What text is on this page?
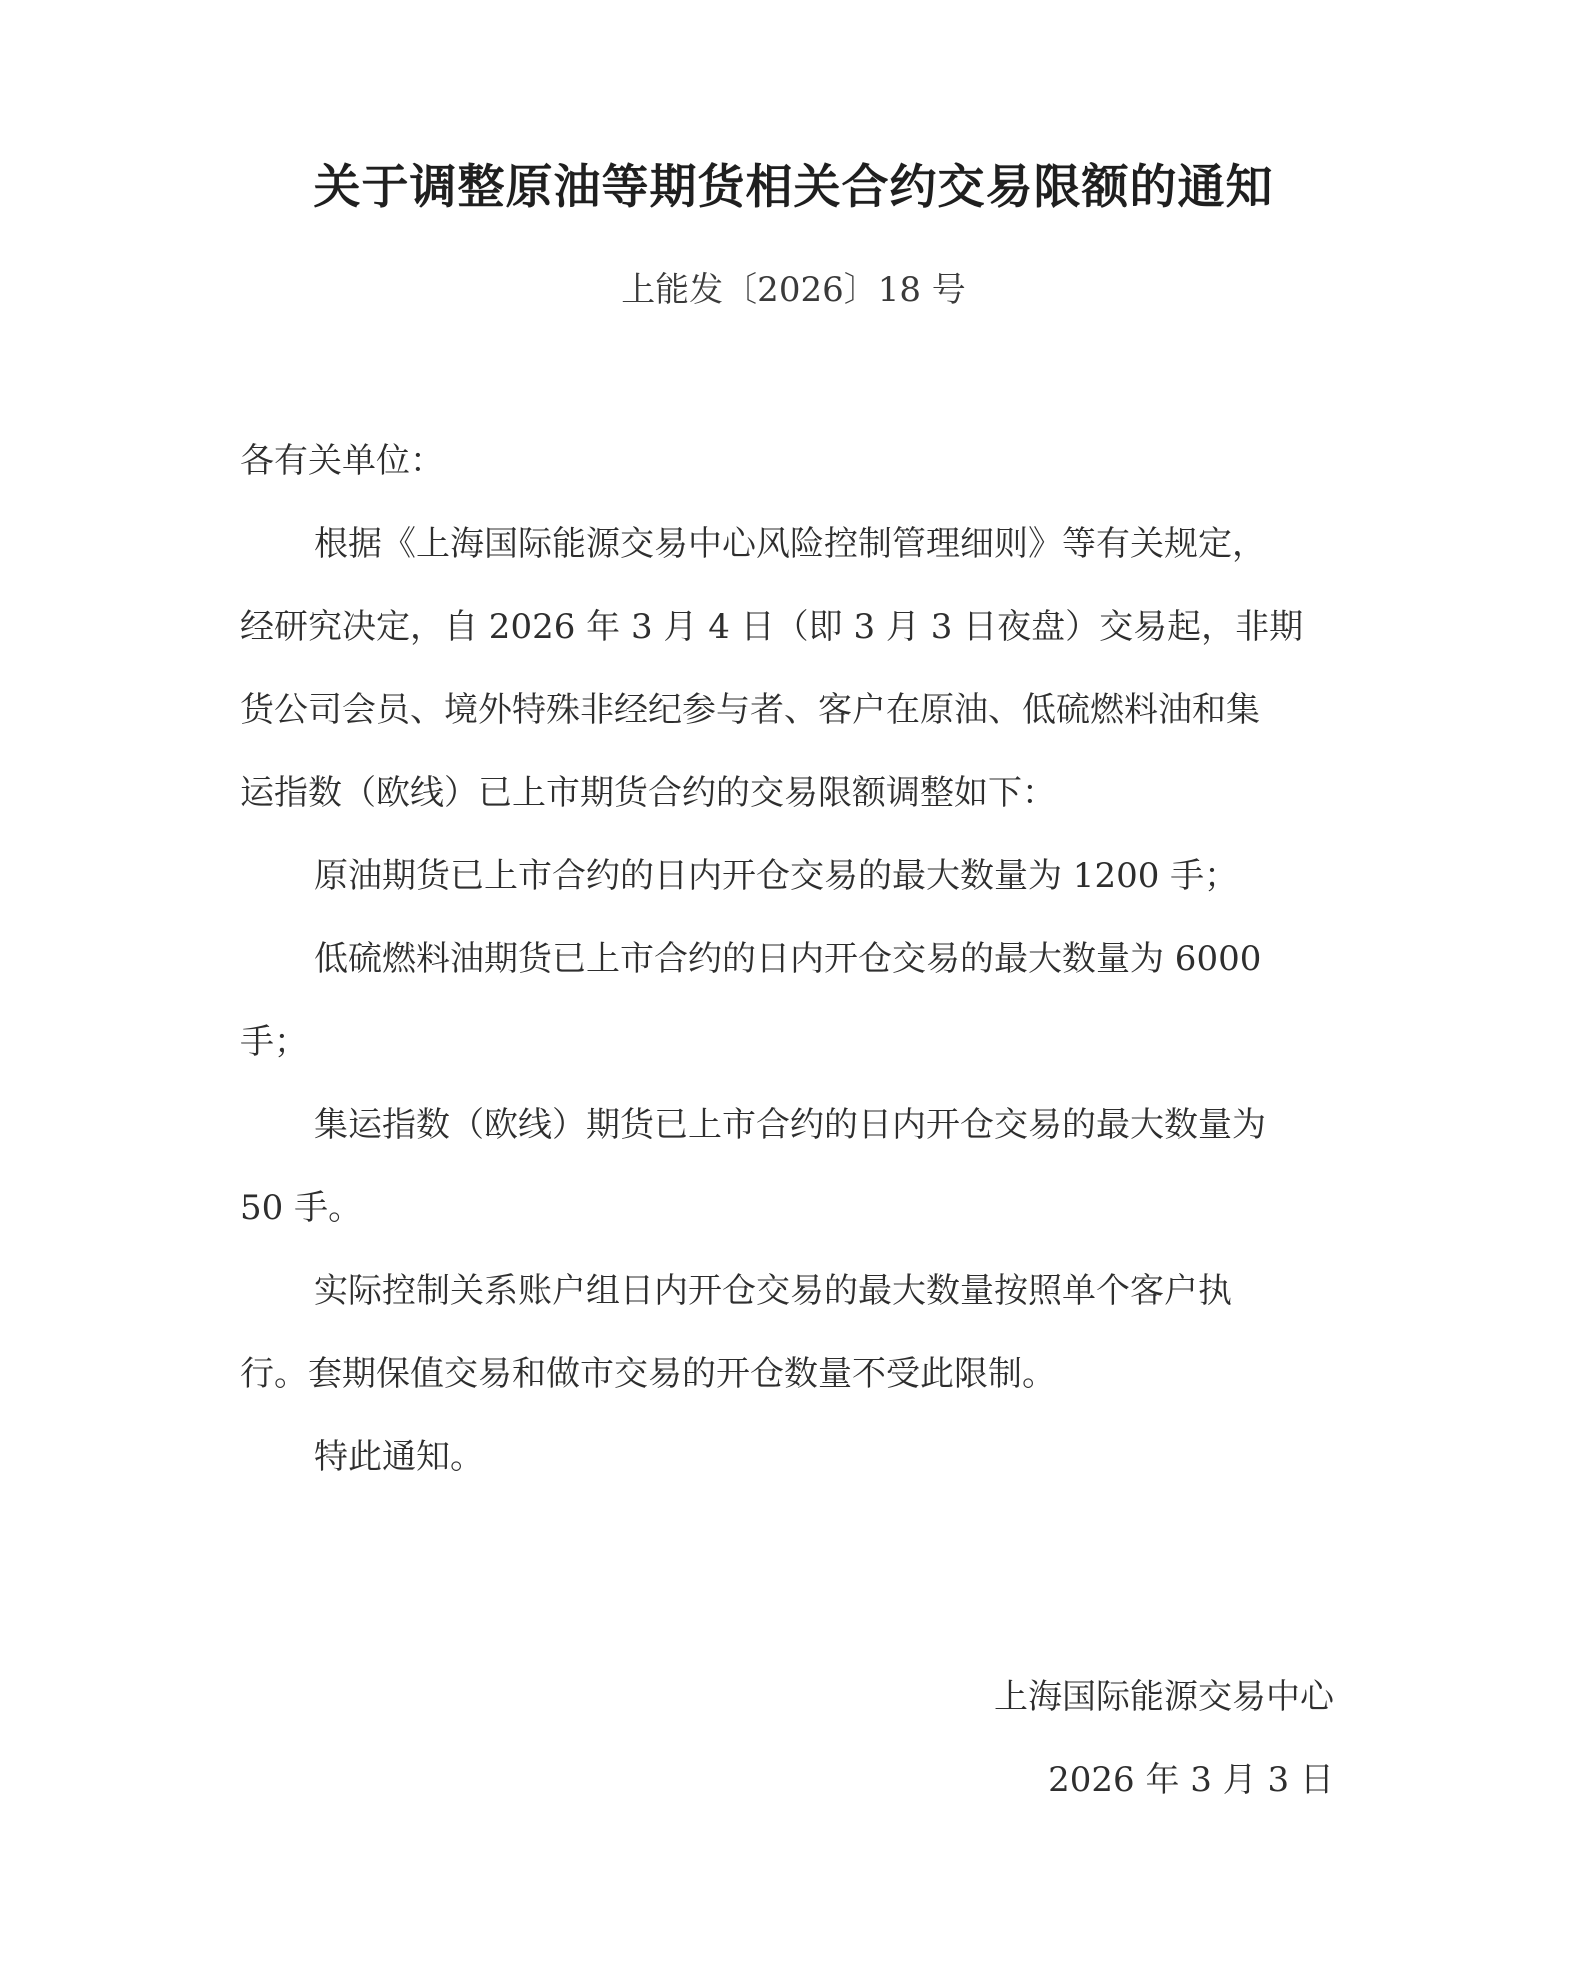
关于调整原油等期货相关合约交易限额的通知
上能发〔2026〕18 号

各有关单位：

根据《上海国际能源交易中心风险控制管理细则》等有关规定，

经研究决定，自 2026 年 3 月 4 日（即 3 月 3 日夜盘）交易起，非期

货公司会员、境外特殊非经纪参与者、客户在原油、低硫燃料油和集

运指数（欧线）已上市期货合约的交易限额调整如下：

原油期货已上市合约的日内开仓交易的最大数量为 1200 手；

低硫燃料油期货已上市合约的日内开仓交易的最大数量为 6000

手；

集运指数（欧线）期货已上市合约的日内开仓交易的最大数量为

50 手。

实际控制关系账户组日内开仓交易的最大数量按照单个客户执

行。套期保值交易和做市交易的开仓数量不受此限制。

特此通知。

上海国际能源交易中心
2026 年 3 月 3 日
